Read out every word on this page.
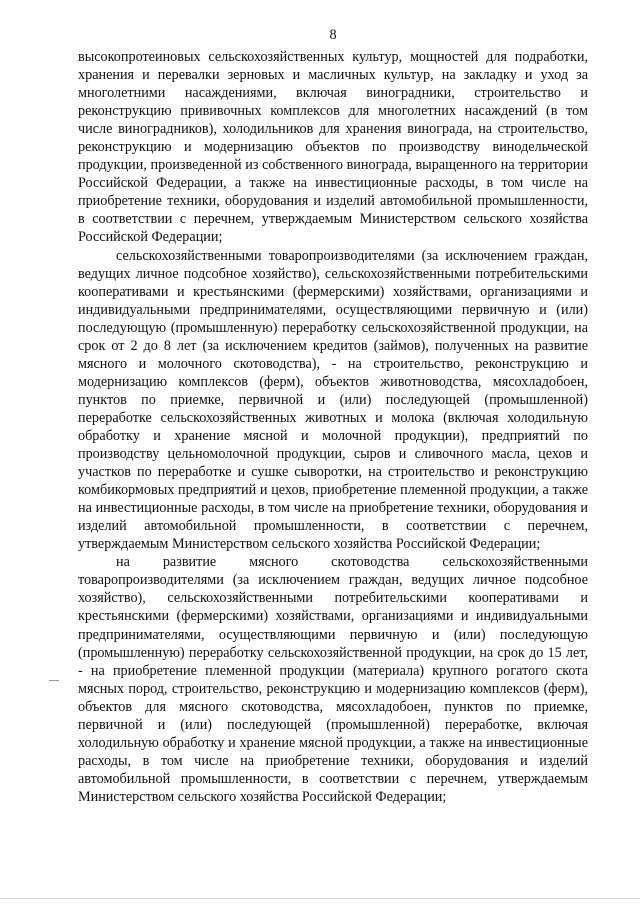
8

высокопротеиновых сельскохозяйственных культур, мощностей для подработки, хранения и перевалки зерновых и масличных культур, на закладку и уход за многолетними насаждениями, включая виноградники, строительство и реконструкцию прививочных комплексов для многолетних насаждений (в том числе виноградников), холодильников для хранения винограда, на строительство, реконструкцию и модернизацию объектов по производству винодельческой продукции, произведенной из собственного винограда, выращенного на территории Российской Федерации, а также на инвестиционные расходы, в том числе на приобретение техники, оборудования и изделий автомобильной промышленности, в соответствии с перечнем, утверждаемым Министерством сельского хозяйства Российской Федерации;

сельскохозяйственными товаропроизводителями (за исключением граждан, ведущих личное подсобное хозяйство), сельскохозяйственными потребительскими кооперативами и крестьянскими (фермерскими) хозяйствами, организациями и индивидуальными предпринимателями, осуществляющими первичную и (или) последующую (промышленную) переработку сельскохозяйственной продукции, на срок от 2 до 8 лет (за исключением кредитов (займов), полученных на развитие мясного и молочного скотоводства), - на строительство, реконструкцию и модернизацию комплексов (ферм), объектов животноводства, мясохладобоен, пунктов по приемке, первичной и (или) последующей (промышленной) переработке сельскохозяйственных животных и молока (включая холодильную обработку и хранение мясной и молочной продукции), предприятий по производству цельномолочной продукции, сыров и сливочного масла, цехов и участков по переработке и сушке сыворотки, на строительство и реконструкцию комбикормовых предприятий и цехов, приобретение племенной продукции, а также на инвестиционные расходы, в том числе на приобретение техники, оборудования и изделий автомобильной промышленности, в соответствии с перечнем, утверждаемым Министерством сельского хозяйства Российской Федерации;

на развитие мясного скотоводства сельскохозяйственными товаропроизводителями (за исключением граждан, ведущих личное подсобное хозяйство), сельскохозяйственными потребительскими кооперативами и крестьянскими (фермерскими) хозяйствами, организациями и индивидуальными предпринимателями, осуществляющими первичную и (или) последующую (промышленную) переработку сельскохозяйственной продукции, на срок до 15 лет, - на приобретение племенной продукции (материала) крупного рогатого скота мясных пород, строительство, реконструкцию и модернизацию комплексов (ферм), объектов для мясного скотоводства, мясохладобоен, пунктов по приемке, первичной и (или) последующей (промышленной) переработке, включая холодильную обработку и хранение мясной продукции, а также на инвестиционные расходы, в том числе на приобретение техники, оборудования и изделий автомобильной промышленности, в соответствии с перечнем, утверждаемым Министерством сельского хозяйства Российской Федерации;
